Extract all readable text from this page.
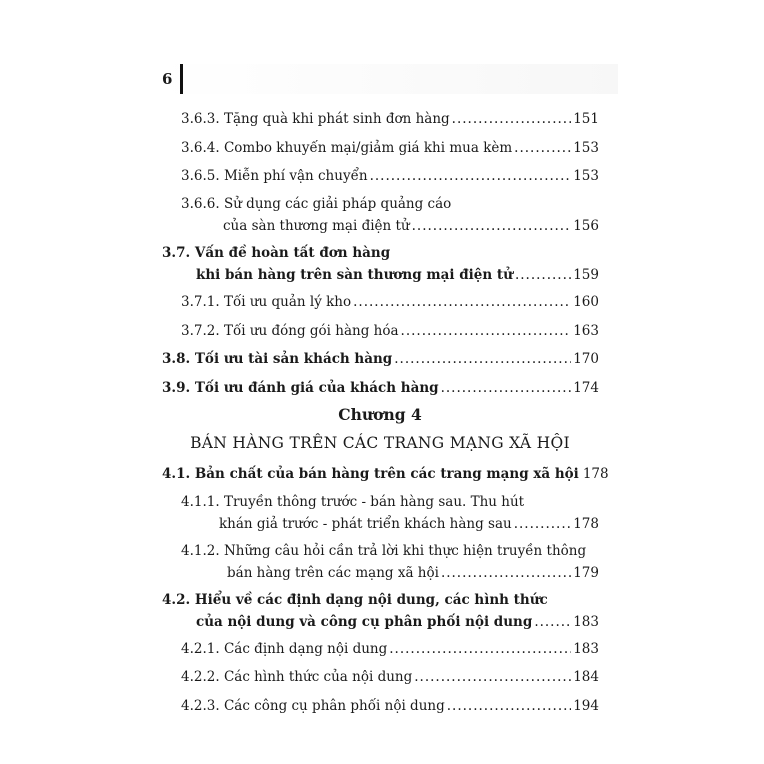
6
3.6.3.
Tặng quà khi phát sinh đơn hàng .....	151
3.6.4.
Combo khuyến mại/giảm giá khi mua kèm .....	153
3.6.5.
Miễn phí vận chuyển .....	153
3.6.6.
Sử dụng các giải pháp quảng cáo
của sàn thương mại điện tử .....	156
3.7.
Vấn đề hoàn tất đơn hàng
khi bán hàng trên sàn thương mại điện tử .....	159
3.7.1.
Tối ưu quản lý kho .....	160
3.7.2.
Tối ưu đóng gói hàng hóa .....	163
3.8.
Tối ưu tài sản khách hàng .....	170
3.9.
Tối ưu đánh giá của khách hàng .....	174
Chương 4
BÁN HÀNG TRÊN CÁC TRANG MẠNG XÃ HỘI
4.1.
Bản chất của bán hàng trên các trang mạng xã hội 178
4.1.1.
Truyền thông trước - bán hàng sau. Thu hút
khán giả trước - phát triển khách hàng sau .....	178
4.1.2.
Những câu hỏi cần trả lời khi thực hiện truyền thông
bán hàng trên các mạng xã hội .....	179
4.2.
Hiểu về các định dạng nội dung, các hình thức
của nội dung và công cụ phân phối nội dung .....	183
4.2.1.
Các định dạng nội dung .....	183
4.2.2.
Các hình thức của nội dung .....	184
4.2.3.
Các công cụ phân phối nội dung .....	194
